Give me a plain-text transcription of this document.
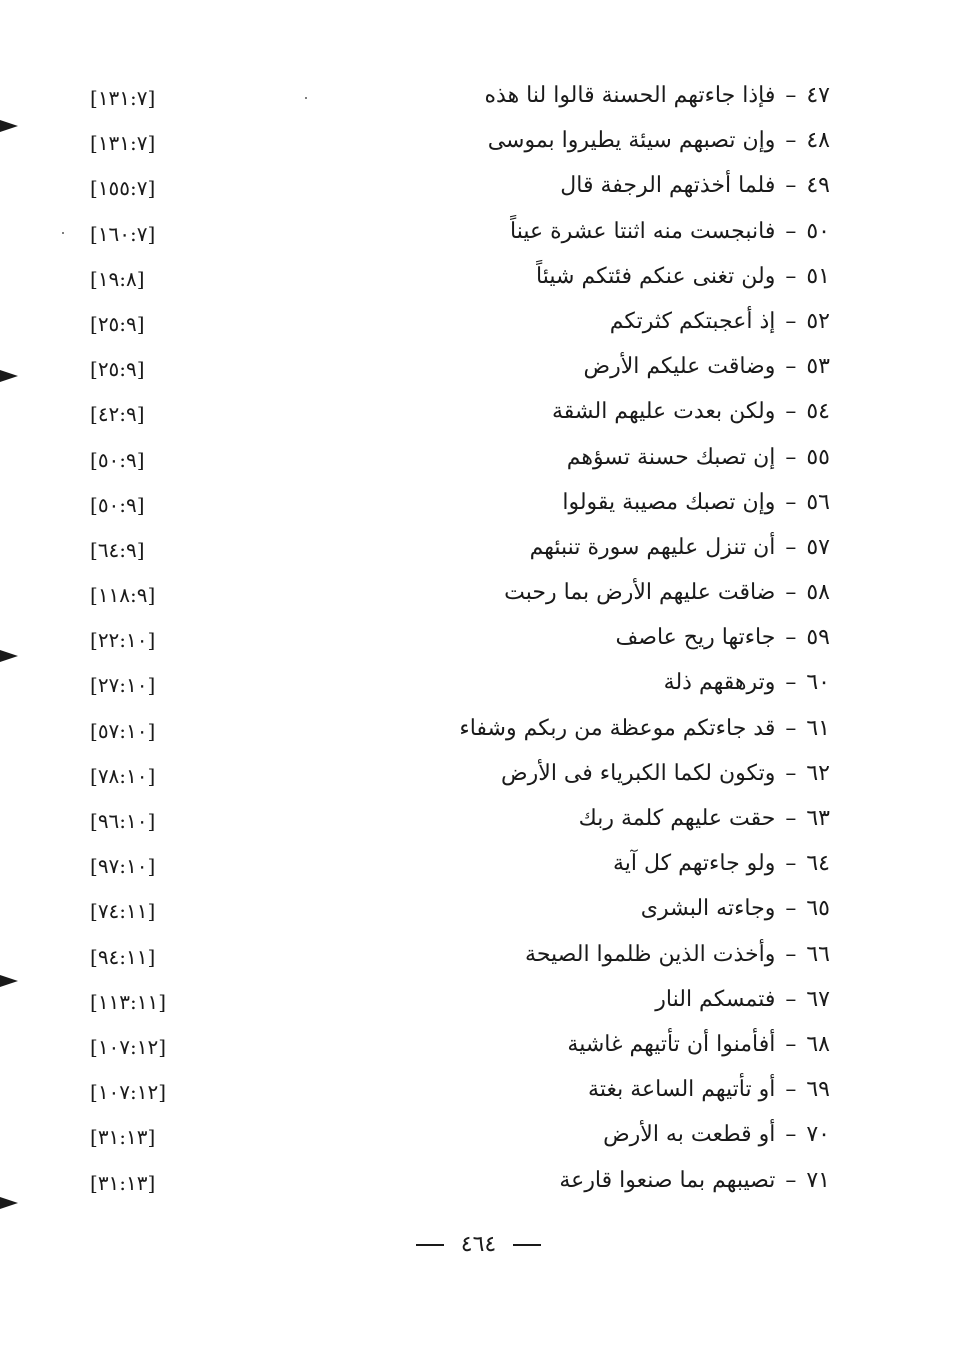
٤٧–فإذا جاءتهم الحسنة قالوا لنا هذه
[١٣١:٧]
٤٨–وإن تصبهم سيئة يطيروا بموسى
[١٣١:٧]
٤٩–فلما أخذتهم الرجفة قال
[١٥٥:٧]
٥٠–فانبجست منه اثنتا عشرة عيناً
[١٦٠:٧]
٥١–ولن تغنى عنكم فئتكم شيئاً
[١٩:٨]
٥٢–إذ أعجبتكم كثرتكم
[٢٥:٩]
٥٣–وضاقت عليكم الأرض
[٢٥:٩]
٥٤–ولكن بعدت عليهم الشقة
[٤٢:٩]
٥٥–إن تصبك حسنة تسؤهم
[٥٠:٩]
٥٦–وإن تصبك مصيبة يقولوا
[٥٠:٩]
٥٧–أن تنزل عليهم سورة تنبئهم
[٦٤:٩]
٥٨–ضاقت عليهم الأرض بما رحبت
[١١٨:٩]
٥٩–جاءتها ريح عاصف
[٢٢:١٠]
٦٠–وترهقهم ذلة
[٢٧:١٠]
٦١–قد جاءتكم موعظة من ربكم وشفاء
[٥٧:١٠]
٦٢–وتكون لكما الكبرياء فى الأرض
[٧٨:١٠]
٦٣–حقت عليهم كلمة ربك
[٩٦:١٠]
٦٤–ولو جاءتهم كل آية
[٩٧:١٠]
٦٥–وجاءته البشرى
[٧٤:١١]
٦٦–وأخذت الذين ظلموا الصيحة
[٩٤:١١]
٦٧–فتمسكم النار
[١١٣:١١]
٦٨–أفأمنوا أن تأتيهم غاشية
[١٠٧:١٢]
٦٩–أو تأتيهم الساعة بغتة
[١٠٧:١٢]
٧٠–أو قطعت به الأرض
[٣١:١٣]
٧١–تصيبهم بما صنعوا قارعة
[٣١:١٣]
٤٦٤
